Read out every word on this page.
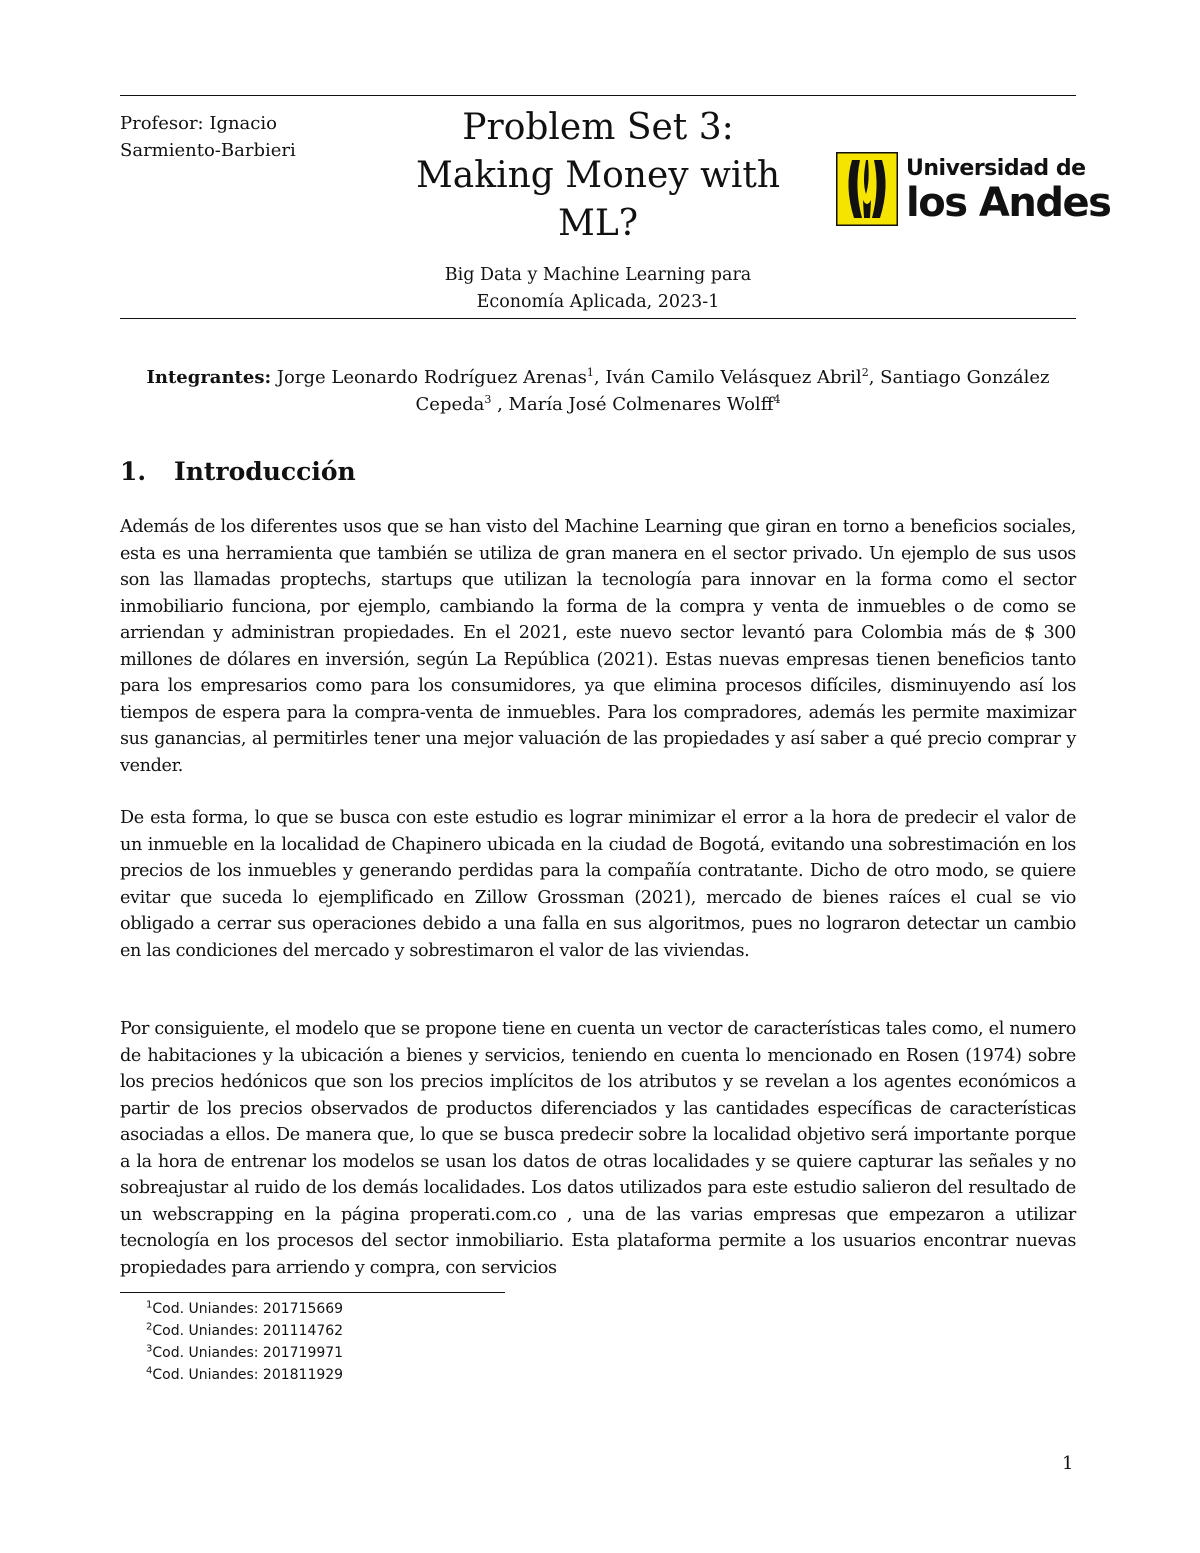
Profesor: Ignacio
Sarmiento-Barbieri
Problem Set 3:
Making Money with
ML?
Big Data y Machine Learning para
Economía Aplicada, 2023-1
Universidad de
los Andes
Integrantes: Jorge Leonardo Rodríguez Arenas$^1$, Iván Camilo Velásquez Abril$^2$, Santiago González Cepeda$^3$ , María José Colmenares Wolff$^4$
1. Introducción
Además de los diferentes usos que se han visto del Machine Learning que giran en torno a beneficios sociales, esta es una herramienta que también se utiliza de gran manera en el sector privado. Un ejemplo de sus usos son las llamadas proptechs, startups que utilizan la tecnología para innovar en la forma como el sector inmobiliario funciona, por ejemplo, cambiando la forma de la compra y venta de inmuebles o de como se arriendan y administran propiedades. En el 2021, este nuevo sector levantó para Colombia más de $ 300 millones de dólares en inversión, según La República (2021). Estas nuevas empresas tienen beneficios tanto para los empresarios como para los consumidores, ya que elimina procesos difíciles, disminuyendo así los tiempos de espera para la compra-venta de inmuebles. Para los compradores, además les permite maximizar sus ganancias, al permitirles tener una mejor valuación de las propiedades y así saber a qué precio comprar y vender.
De esta forma, lo que se busca con este estudio es lograr minimizar el error a la hora de predecir el valor de un inmueble en la localidad de Chapinero ubicada en la ciudad de Bogotá, evitando una sobrestimación en los precios de los inmuebles y generando perdidas para la compañía contratante. Dicho de otro modo, se quiere evitar que suceda lo ejemplificado en Zillow Grossman (2021), mercado de bienes raíces el cual se vio obligado a cerrar sus operaciones debido a una falla en sus algoritmos, pues no lograron detectar un cambio en las condiciones del mercado y sobrestimaron el valor de las viviendas.
Por consiguiente, el modelo que se propone tiene en cuenta un vector de características tales como, el numero de habitaciones y la ubicación a bienes y servicios, teniendo en cuenta lo mencionado en Rosen (1974) sobre los precios hedónicos que son los precios implícitos de los atributos y se revelan a los agentes económicos a partir de los precios observados de productos diferenciados y las cantidades específicas de características asociadas a ellos. De manera que, lo que se busca predecir sobre la localidad objetivo será importante porque a la hora de entrenar los modelos se usan los datos de otras localidades y se quiere capturar las señales y no sobreajustar al ruido de los demás localidades. Los datos utilizados para este estudio salieron del resultado de un webscrapping en la página properati.com.co , una de las varias empresas que empezaron a utilizar tecnología en los procesos del sector inmobiliario. Esta plataforma permite a los usuarios encontrar nuevas propiedades para arriendo y compra, con servicios
$^1$Cod. Uniandes: 201715669
$^2$Cod. Uniandes: 201114762
$^3$Cod. Uniandes: 201719971
$^4$Cod. Uniandes: 201811929
1
